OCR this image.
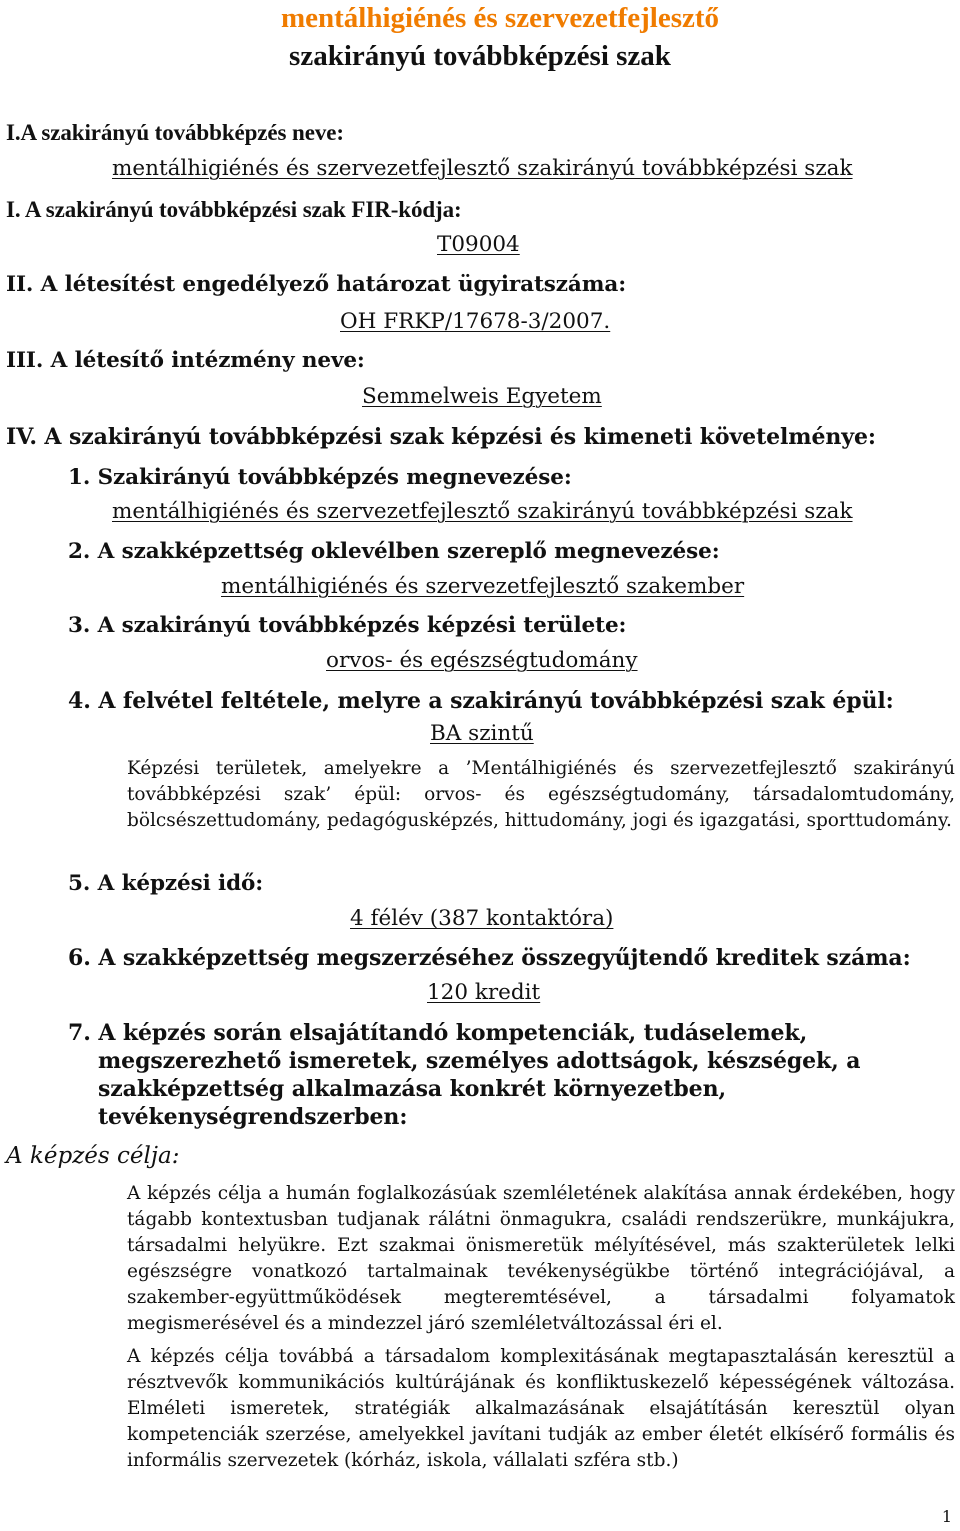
mentálhigiénés és szervezetfejlesztő
szakirányú továbbképzési szak
I.A szakirányú továbbképzés neve:
mentálhigiénés és szervezetfejlesztő szakirányú továbbképzési szak
I. A szakirányú továbbképzési szak FIR-kódja:
T09004
II. A létesítést engedélyező határozat ügyiratszáma:
OH FRKP/17678-3/2007.
III. A létesítő intézmény neve:
Semmelweis Egyetem
IV. A szakirányú továbbképzési szak képzési és kimeneti követelménye:
1. Szakirányú továbbképzés megnevezése:
mentálhigiénés és szervezetfejlesztő szakirányú továbbképzési szak
2. A szakképzettség oklevélben szereplő megnevezése:
mentálhigiénés és szervezetfejlesztő szakember
3. A szakirányú továbbképzés képzési területe:
orvos- és egészségtudomány
4. A felvétel feltétele, melyre a szakirányú továbbképzési szak épül:
BA szintű

Képzési területek, amelyekre a ’Mentálhigiénés és szervezetfejlesztő szakirányú továbbképzési szak’ épül: orvos- és egészségtudomány, társadalomtudomány, bölcsészettudomány, pedagógusképzés, hittudomány, jogi és igazgatási, sporttudomány.

5. A képzési idő:
4 félév (387 kontaktóra)
6. A szakképzettség megszerzéséhez összegyűjtendő kreditek száma:
120 kredit
7. A képzés során elsajátítandó kompetenciák, tudáselemek,
megszerezhető ismeretek, személyes adottságok, készségek, a
szakképzettség alkalmazása konkrét környezetben,
tevékenységrendszerben:
A képzés célja:

A képzés célja a humán foglalkozásúak szemléletének alakítása annak érdekében, hogy tágabb kontextusban tudjanak rálátni önmagukra, családi rendszerükre, munkájukra, társadalmi helyükre. Ezt szakmai önismeretük mélyítésével, más szakterületek lelki egészségre vonatkozó tartalmainak tevékenységükbe történő integrációjával, a szakember-együttműködések megteremtésével, a társadalmi folyamatok megismerésével és a mindezzel járó szemléletváltozással éri el.

A képzés célja továbbá a társadalom komplexitásának megtapasztalásán keresztül a résztvevők kommunikációs kultúrájának és konfliktuskezelő képességének változása. Elméleti ismeretek, stratégiák alkalmazásának elsajátításán keresztül olyan kompetenciák szerzése, amelyekkel javítani tudják az ember életét elkísérő formális és informális szervezetek (kórház, iskola, vállalati szféra stb.)

1
